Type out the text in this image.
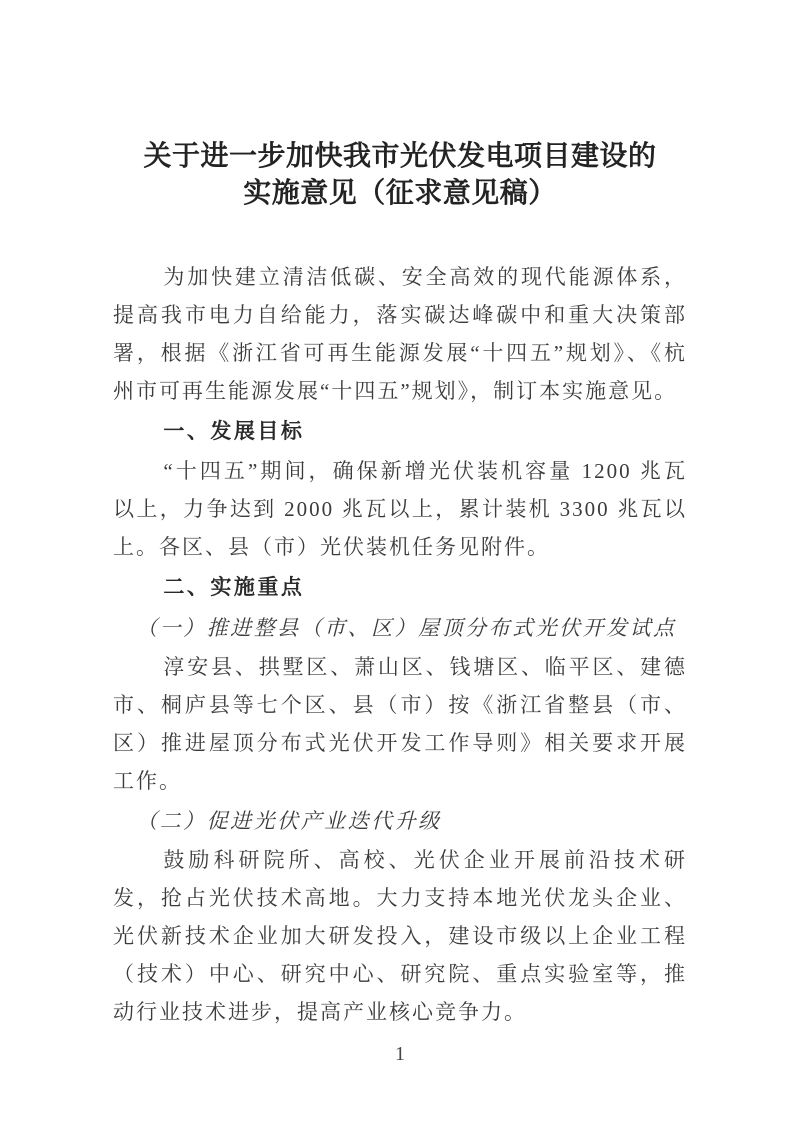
关于进一步加快我市光伏发电项目建设的
实施意见（征求意见稿）

为加快建立清洁低碳、安全高效的现代能源体系，提高我市电力自给能力，落实碳达峰碳中和重大决策部署，根据《浙江省可再生能源发展“十四五”规划》、《杭州市可再生能源发展“十四五”规划》，制订本实施意见。

一、发展目标

“十四五”期间，确保新增光伏装机容量 1200 兆瓦以上，力争达到 2000 兆瓦以上，累计装机 3300 兆瓦以上。各区、县（市）光伏装机任务见附件。

二、实施重点

（一）推进整县（市、区）屋顶分布式光伏开发试点

淳安县、拱墅区、萧山区、钱塘区、临平区、建德市、桐庐县等七个区、县（市）按《浙江省整县（市、区）推进屋顶分布式光伏开发工作导则》相关要求开展工作。

（二）促进光伏产业迭代升级

鼓励科研院所、高校、光伏企业开展前沿技术研发，抢占光伏技术高地。大力支持本地光伏龙头企业、光伏新技术企业加大研发投入，建设市级以上企业工程（技术）中心、研究中心、研究院、重点实验室等，推动行业技术进步，提高产业核心竞争力。

1
